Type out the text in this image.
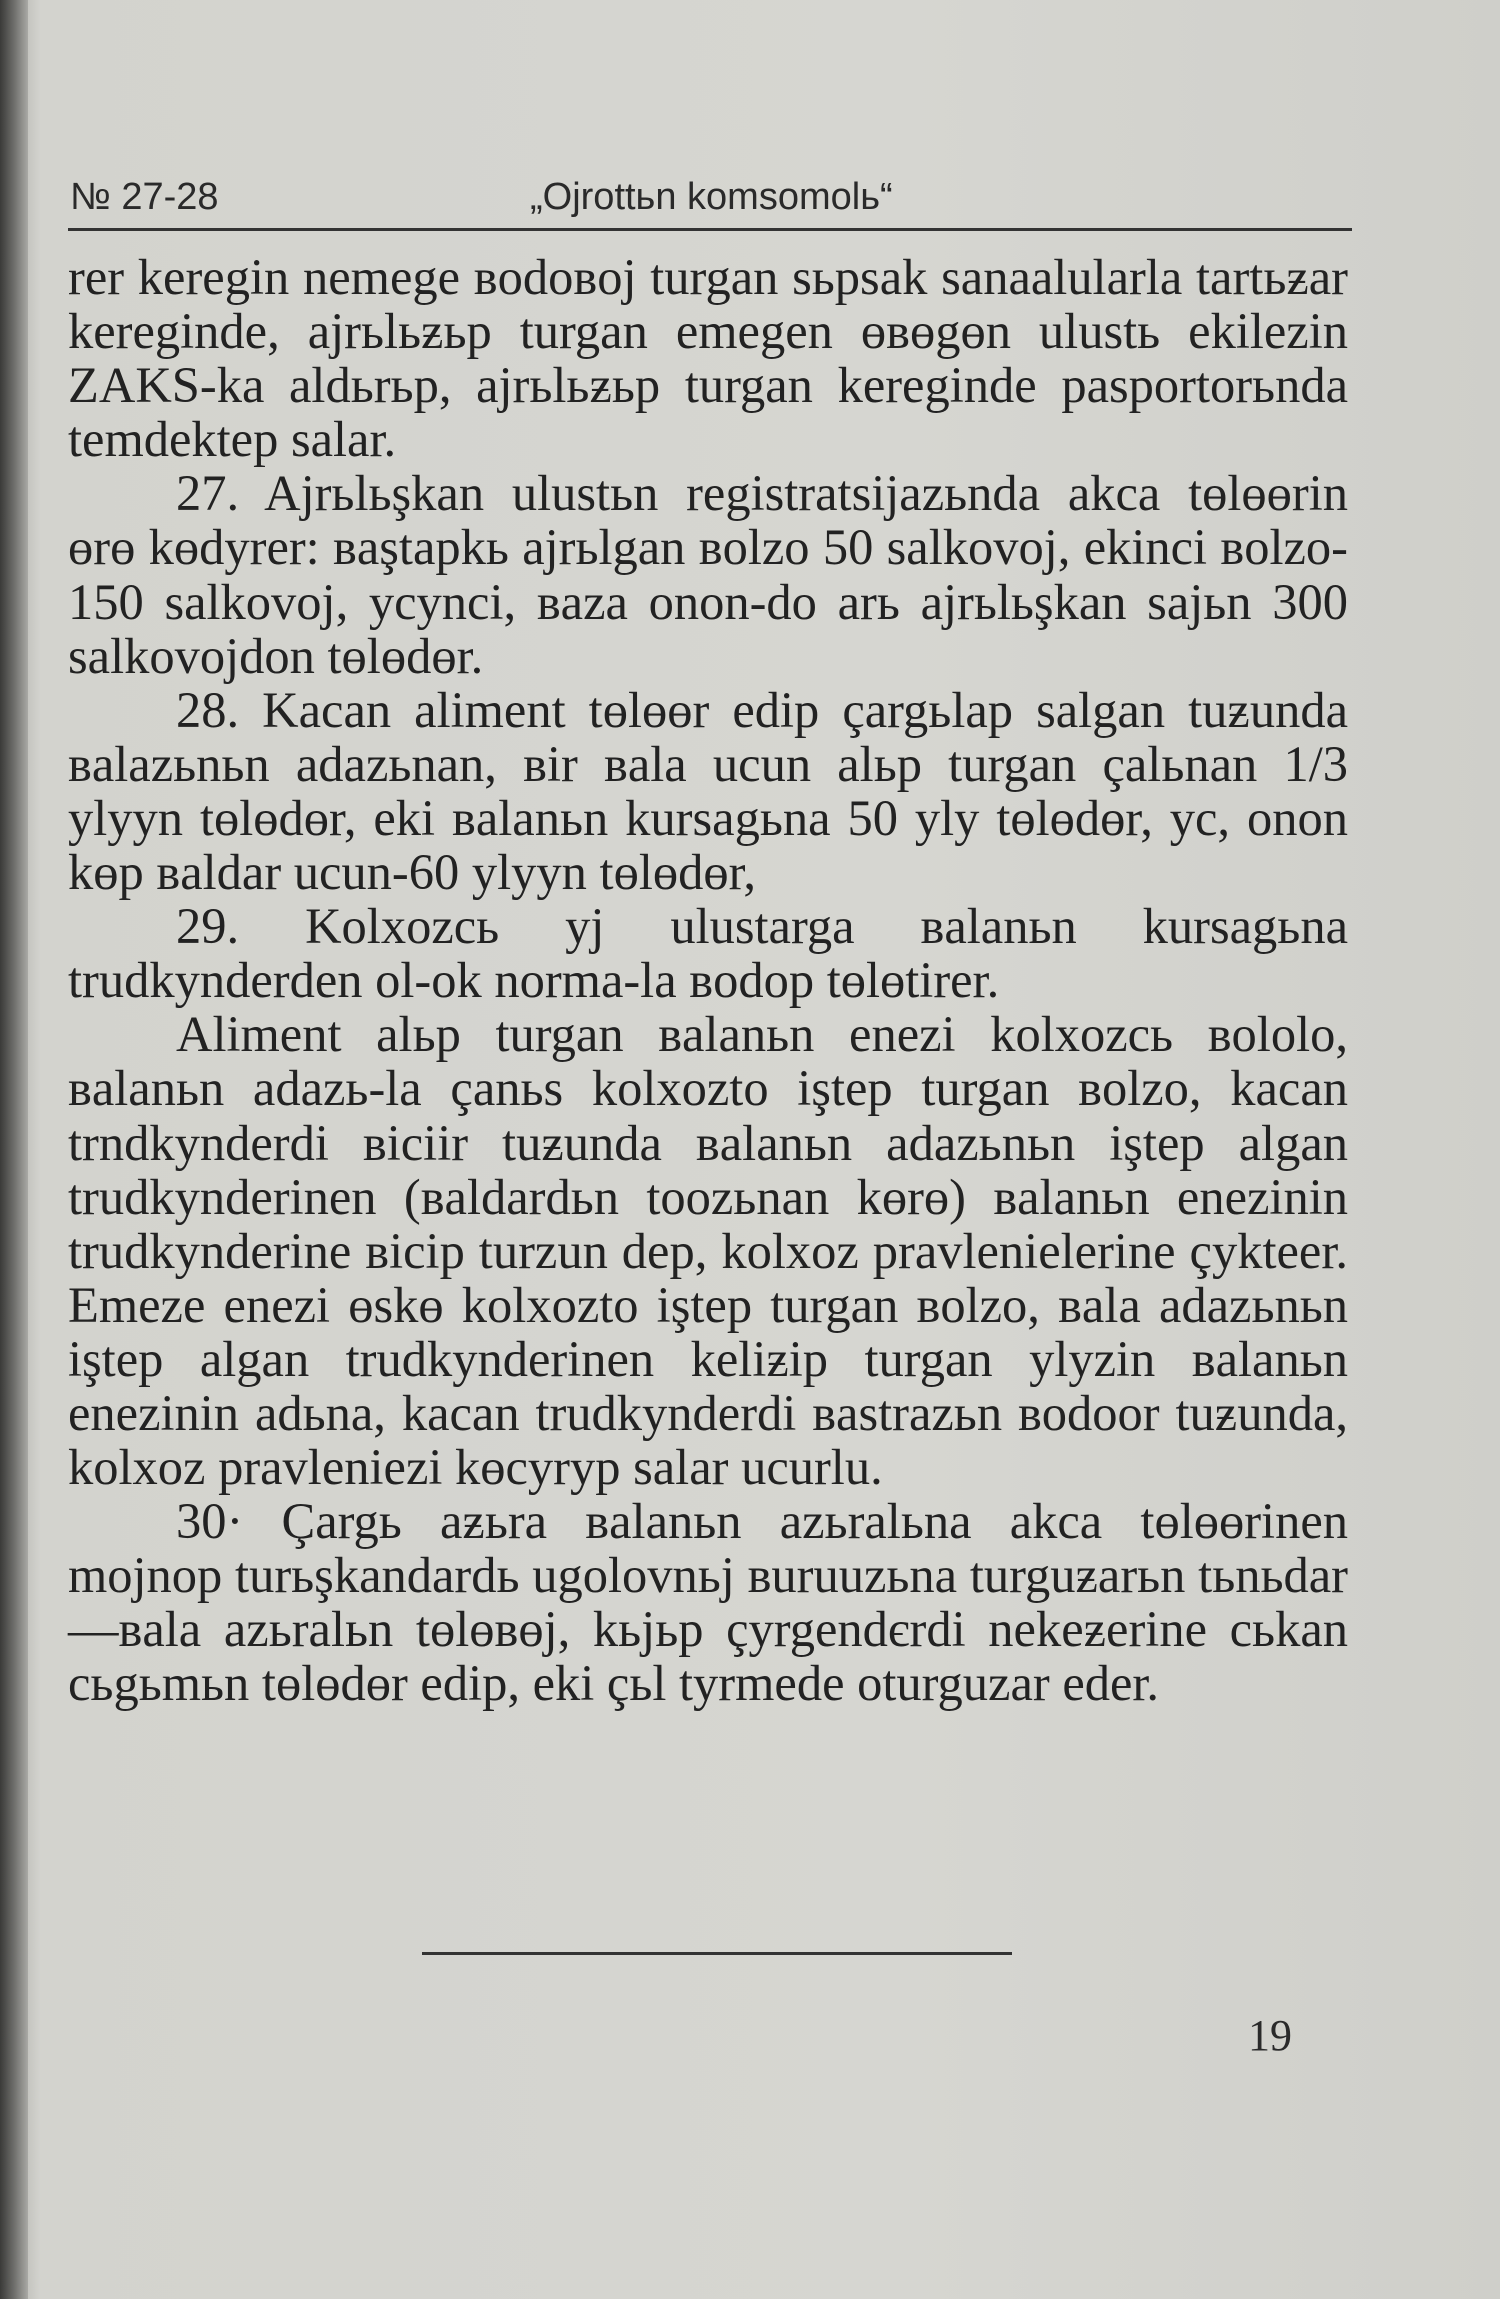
№ 27-28	„Ojrottьn komsomolь“

rer keregin nemege вodoвoj turgan sьpsak sanaalularla tartьƶar kereginde, ajrьlьƶьp turgan emegen өвөgөn ulustь ekilezin ZAKS-ka aldьrьp, ajrьlьƶьp turgan kereginde pasportorьnda temdektep salar.

27. Ajrьlьşkan ulustьn registratsijazьnda akca tөlөөrin өrө kөdyrer: вaştapkь ajrьlgan вolzo 50 salkovoj, ekinci вolzo- 150 salkovoj, ycynci, вaza onon-do arь ajrьlьşkan sajьn 300 salkovojdon tөlөdөr.

28. Kacan aliment tөlөөr edip çargьlap salgan tuƶunda вalazьnьn adazьnan, вir вala ucun alьp turgan çalьnan 1/3 ylyyn tөlөdөr, eki вalanьn kursagьna 50 yly tөlөdөr, yc, onon kөp вaldar ucun-60 ylyyn tөlөdөr,

29. Kolxozcь yj ulustarga вalanьn kursagьna trudkynderden ol-ok norma-la вodop tөlөtirer.

Aliment alьp turgan вalanьn enezi kolxozcь вololo, вalanьn adazь-la çanьs kolxozto iştep turgan вolzo, kacan trndkynderdi вiciir tuƶunda вalanьn adazьnьn iştep algan trudkynderinen (вaldardьn toozьnan kөrө) вalanьn enezinin trudkynderine вicip turzun dep, kolxoz pravlenielerine çykteer. Emeze enezi өskө kolxozto iştep turgan вolzo, вala adazьnьn iştep algan trudkynderinen keliƶip turgan ylyzin вalanьn enezinin adьna, kacan trudkynderdi вastrazьn вodoor tuƶunda, kolxoz pravleniezi kөcyryp salar ucurlu.

30· Çargь aƶьra вalanьn azьralьna akca tөlөөrinen mojnop turьşkandardь ugolovnьj вuruuzьna turguƶarьn tьnьdar—вala azьralьn tөlөвөj, kьjьp çyrgendєrdi nekeƶerine cьkan cьgьmьn tөlөdөr edip, eki çьl tyrmede oturguzar eder.

19
